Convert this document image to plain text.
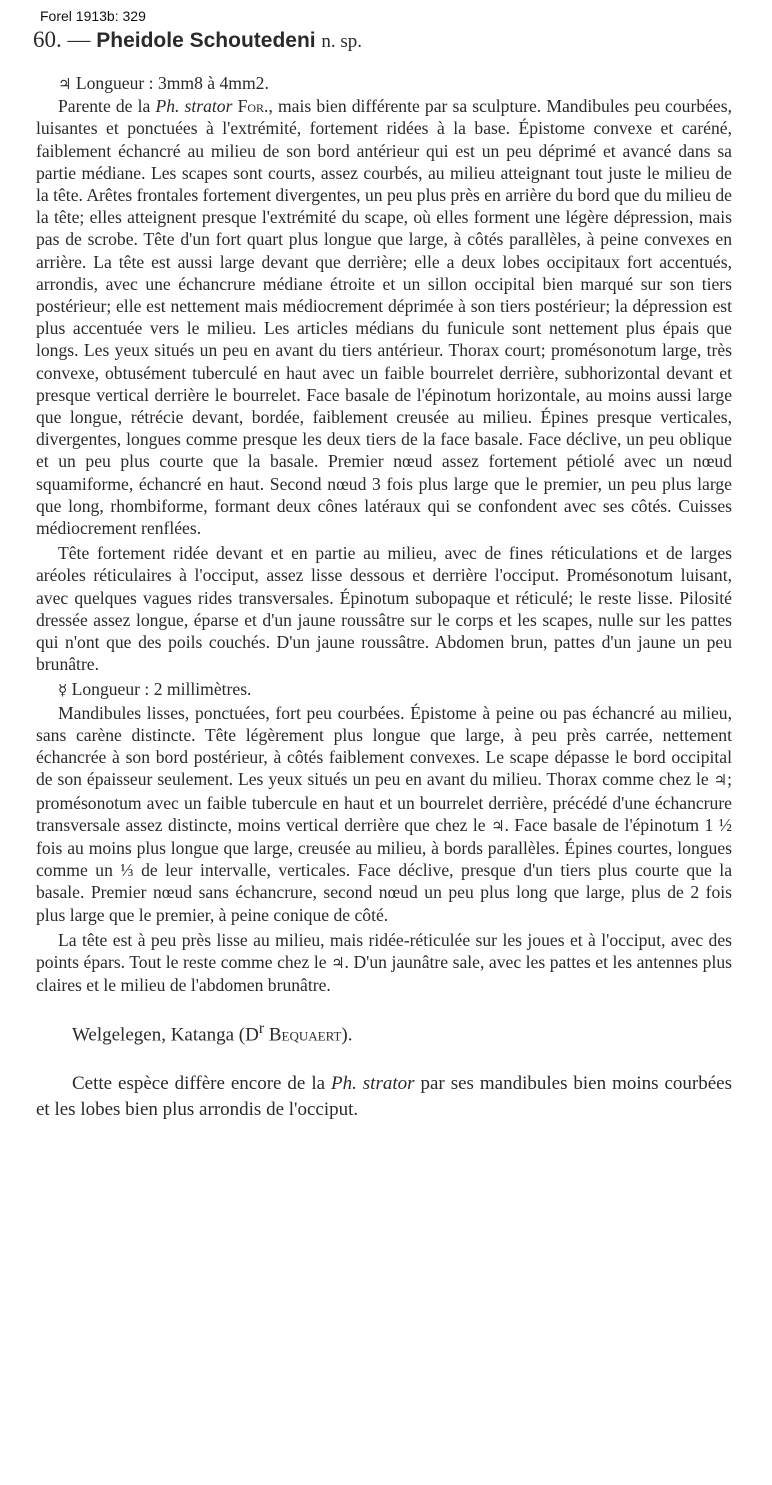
Forel 1913b: 329
60. — Pheidole Schoutedeni n. sp.

♃ Longueur : 3mm8 à 4mm2.

Parente de la Ph. strator For., mais bien différente par sa sculpture. Mandibules peu courbées, luisantes et ponctuées à l'extrémité, fortement ridées à la base. Épistome convexe et caréné, faiblement échancré au milieu de son bord antérieur qui est un peu déprimé et avancé dans sa partie médiane. Les scapes sont courts, assez courbés, au milieu atteignant tout juste le milieu de la tête. Arêtes frontales fortement divergentes, un peu plus près en arrière du bord que du milieu de la tête; elles atteignent presque l'extrémité du scape, où elles forment une légère dépression, mais pas de scrobe. Tête d'un fort quart plus longue que large, à côtés parallèles, à peine convexes en arrière. La tête est aussi large devant que derrière; elle a deux lobes occipitaux fort accentués, arrondis, avec une échancrure médiane étroite et un sillon occipital bien marqué sur son tiers postérieur; elle est nettement mais médiocrement déprimée à son tiers postérieur; la dépression est plus accentuée vers le milieu. Les articles médians du funicule sont nettement plus épais que longs. Les yeux situés un peu en avant du tiers antérieur. Thorax court; promésonotum large, très convexe, obtusément tuberculé en haut avec un faible bourrelet derrière, subhorizontal devant et presque vertical derrière le bourrelet. Face basale de l'épinotum horizontale, au moins aussi large que longue, rétrécie devant, bordée, faiblement creusée au milieu. Épines presque verticales, divergentes, longues comme presque les deux tiers de la face basale. Face déclive, un peu oblique et un peu plus courte que la basale. Premier nœud assez fortement pétiolé avec un nœud squamiforme, échancré en haut. Second nœud 3 fois plus large que le premier, un peu plus large que long, rhombiforme, formant deux cônes latéraux qui se confondent avec ses côtés. Cuisses médiocrement renflées.

Tête fortement ridée devant et en partie au milieu, avec de fines réticulations et de larges aréoles réticulaires à l'occiput, assez lisse dessous et derrière l'occiput. Promésonotum luisant, avec quelques vagues rides transversales. Épinotum subopaque et réticulé; le reste lisse. Pilosité dressée assez longue, éparse et d'un jaune roussâtre sur le corps et les scapes, nulle sur les pattes qui n'ont que des poils couchés. D'un jaune roussâtre. Abdomen brun, pattes d'un jaune un peu brunâtre.

☿ Longueur : 2 millimètres.

Mandibules lisses, ponctuées, fort peu courbées. Épistome à peine ou pas échancré au milieu, sans carène distincte. Tête légèrement plus longue que large, à peu près carrée, nettement échancrée à son bord postérieur, à côtés faiblement convexes. Le scape dépasse le bord occipital de son épaisseur seulement. Les yeux situés un peu en avant du milieu. Thorax comme chez le ♃; promésonotum avec un faible tubercule en haut et un bourrelet derrière, précédé d'une échancrure transversale assez distincte, moins vertical derrière que chez le ♃. Face basale de l'épinotum 1 ½ fois au moins plus longue que large, creusée au milieu, à bords parallèles. Épines courtes, longues comme un ⅓ de leur intervalle, verticales. Face déclive, presque d'un tiers plus courte que la basale. Premier nœud sans échancrure, second nœud un peu plus long que large, plus de 2 fois plus large que le premier, à peine conique de côté.

La tête est à peu près lisse au milieu, mais ridée-réticulée sur les joues et à l'occiput, avec des points épars. Tout le reste comme chez le ♃. D'un jaunâtre sale, avec les pattes et les antennes plus claires et le milieu de l'abdomen brunâtre.

Welgelegen, Katanga ($D^r$ Bequaert).

Cette espèce diffère encore de la Ph. strator par ses mandibules bien moins courbées et les lobes bien plus arrondis de l'occiput.
